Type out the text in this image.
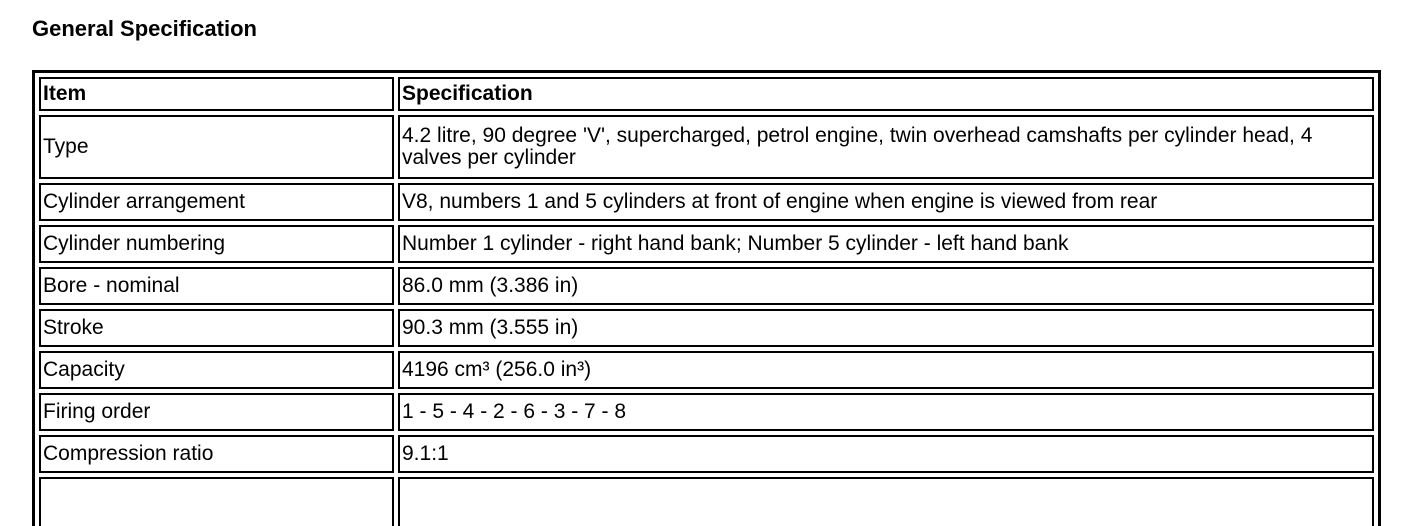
General Specification
Item	Specification
Type	4.2 litre, 90 degree 'V', supercharged, petrol engine, twin overhead camshafts per cylinder head, 4 valves per cylinder
Cylinder arrangement	V8, numbers 1 and 5 cylinders at front of engine when engine is viewed from rear
Cylinder numbering	Number 1 cylinder - right hand bank; Number 5 cylinder - left hand bank
Bore - nominal	86.0 mm (3.386 in)
Stroke	90.3 mm (3.555 in)
Capacity	4196 cm³ (256.0 in³)
Firing order	1 - 5 - 4 - 2 - 6 - 3 - 7 - 8
Compression ratio	9.1:1
